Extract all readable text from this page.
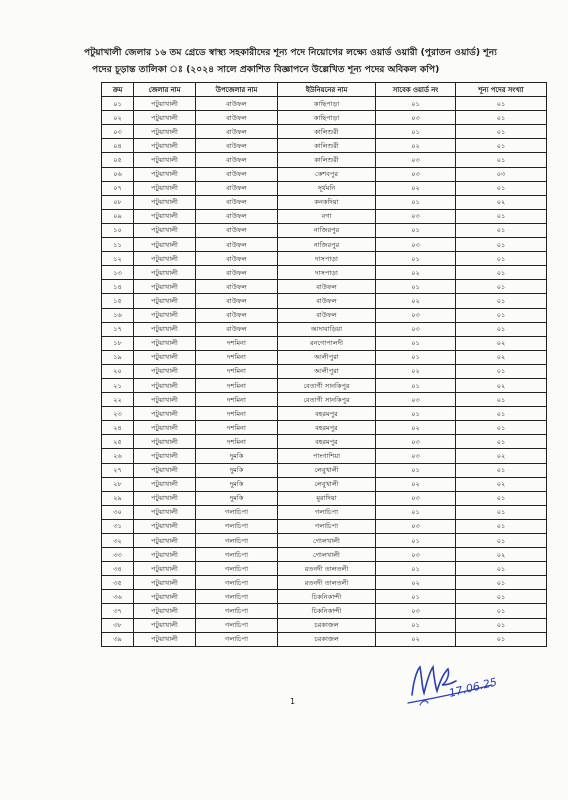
পটুয়াখালী জেলার ১৬ তম গ্রেডে স্বাস্থ্য সহকারীদের শূন্য পদে নিয়োগের লক্ষ্যে ওয়ার্ড ওয়ারী (পুরাতন ওয়ার্ড) শূন্য
পদের চূড়ান্ত তালিকা ঃ (২০২৪ সালে প্রকাশিত বিজ্ঞাপনে উল্লেখিত শূন্য পদের অবিকল কপি)
ক্রম	জেলার নাম	উপজেলার নাম	ইউনিয়নের নাম	সাবেক ওয়ার্ড নং	শূন্য পদের সংখ্যা
০১	পটুয়াখালী	বাউফল	কাছিপাড়া	০১	০১
০২	পটুয়াখালী	বাউফল	কাছিপাড়া	০৩	০১
০৩	পটুয়াখালী	বাউফল	কালিশুরী	০১	০১
০৪	পটুয়াখালী	বাউফল	কালিশুরী	০২	০১
০৫	পটুয়াখালী	বাউফল	কালিশুরী	০৩	০১
০৬	পটুয়াখালী	বাউফল	কেশবপুর	০৩	০৩
০৭	পটুয়াখালী	বাউফল	সূর্যমনি	০২	০১
০৮	পটুয়াখালী	বাউফল	কনকদিয়া	০১	০২
০৯	পটুয়াখালী	বাউফল	বগা	০৩	০১
১০	পটুয়াখালী	বাউফল	নাজিরপুর	০১	০১
১১	পটুয়াখালী	বাউফল	নাজিরপুর	০৩	০১
১২	পটুয়াখালী	বাউফল	দাসপাড়া	০১	০১
১৩	পটুয়াখালী	বাউফল	দাসপাড়া	০২	০১
১৪	পটুয়াখালী	বাউফল	বাউফল	০১	০১
১৫	পটুয়াখালী	বাউফল	বাউফল	০২	০১
১৬	পটুয়াখালী	বাউফল	বাউফল	০৩	০১
১৭	পটুয়াখালী	বাউফল	আদাবাড়িয়া	০৩	০১
১৮	পটুয়াখালী	দশমিনা	রনগোপালদী	০১	০২
১৯	পটুয়াখালী	দশমিনা	আলীপুরা	০১	০২
২০	পটুয়াখালী	দশমিনা	আলীপুরা	০২	০১
২১	পটুয়াখালী	দশমিনা	বেতাগী সানকিপুর	০১	০২
২২	পটুয়াখালী	দশমিনা	বেতাগী সানকিপুর	০৩	০১
২৩	পটুয়াখালী	দশমিনা	বহরমপুর	০১	০১
২৪	পটুয়াখালী	দশমিনা	বহরমপুর	০২	০১
২৫	পটুয়াখালী	দশমিনা	বহরমপুর	০৩	০১
২৬	পটুয়াখালী	দুমকি	পাংগাশিয়া	০৩	০২
২৭	পটুয়াখালী	দুমকি	লেবুখালী	০১	০১
২৮	পটুয়াখালী	দুমকি	লেবুখালী	০২	০২
২৯	পটুয়াখালী	দুমকি	মুরাদিয়া	০৩	০১
৩০	পটুয়াখালী	গলাচিপা	গলাচিপা	০১	০১
৩১	পটুয়াখালী	গলাচিপা	গলাচিপা	০৩	০১
৩২	পটুয়াখালী	গলাচিপা	গোলখালী	০১	০১
৩৩	পটুয়াখালী	গলাচিপা	গোলখালী	০৩	০২
৩৪	পটুয়াখালী	গলাচিপা	রতনদী তালতলী	০১	০১
৩৫	পটুয়াখালী	গলাচিপা	রতনদী তালতলী	০২	০১
৩৬	পটুয়াখালী	গলাচিপা	চিকনিকান্দী	০১	০১
৩৭	পটুয়াখালী	গলাচিপা	চিকনিকান্দী	০৩	০১
৩৮	পটুয়াখালী	গলাচিপা	চরকাজল	০১	০১
৩৯	পটুয়াখালী	গলাচিপা	চরকাজল	০২	০১
1
17.06.25
